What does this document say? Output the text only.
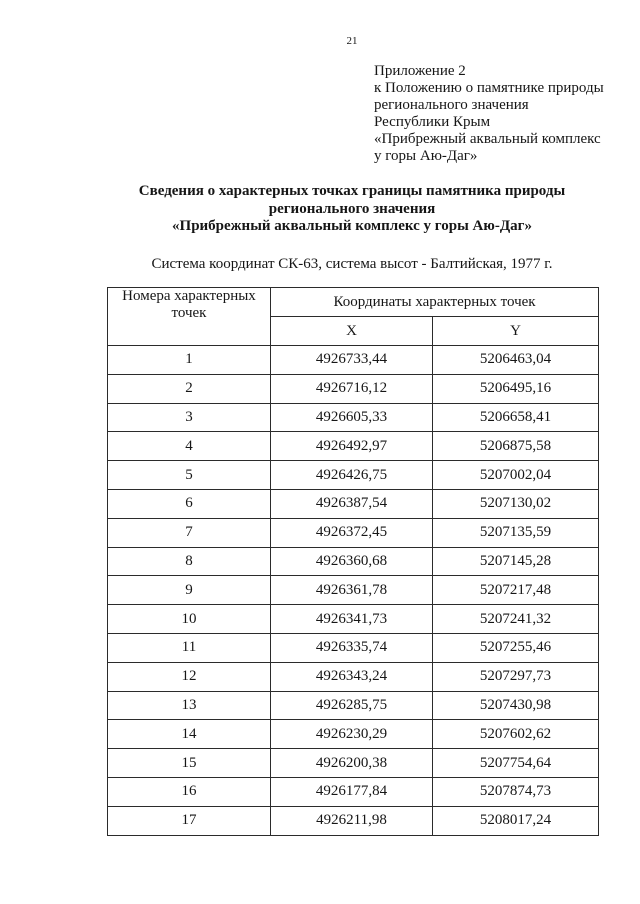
21
Приложение 2
к Положению о памятнике природы
регионального значения
Республики Крым
«Прибрежный аквальный комплекс
у горы Аю-Даг»
Сведения о характерных точках границы памятника природы
регионального значения
«Прибрежный аквальный комплекс у горы Аю-Даг»
Система координат СК-63, система высот - Балтийская, 1977 г.
Номера характерных точек	Координаты характерных точек	
	X	Y
1	4926733,44	5206463,04
2	4926716,12	5206495,16
3	4926605,33	5206658,41
4	4926492,97	5206875,58
5	4926426,75	5207002,04
6	4926387,54	5207130,02
7	4926372,45	5207135,59
8	4926360,68	5207145,28
9	4926361,78	5207217,48
10	4926341,73	5207241,32
11	4926335,74	5207255,46
12	4926343,24	5207297,73
13	4926285,75	5207430,98
14	4926230,29	5207602,62
15	4926200,38	5207754,64
16	4926177,84	5207874,73
17	4926211,98	5208017,24
